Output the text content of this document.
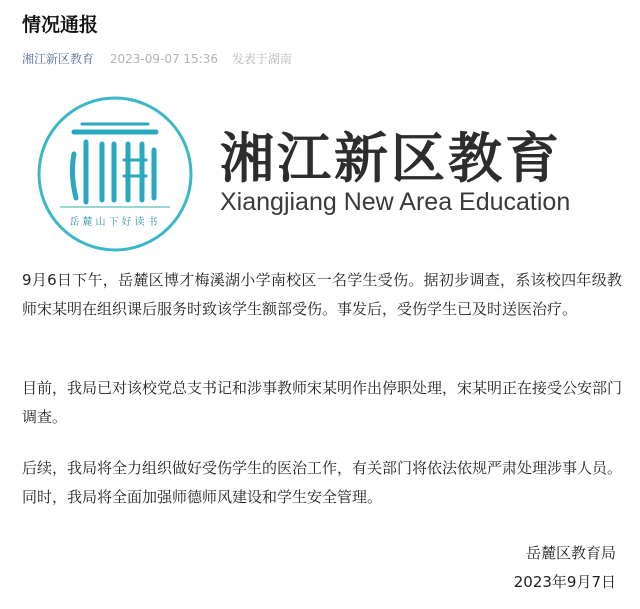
情况通报
湘江新区教育 2023-09-07 15:36 发表于湖南
岳麓山下好读书
湘江新区教育
Xiangjiang New Area Education

9月6日下午，岳麓区博才梅溪湖小学南校区一名学生受伤。据初步调查，系该校四年级教师宋某明在组织课后服务时致该学生额部受伤。事发后，受伤学生已及时送医治疗。

目前，我局已对该校党总支书记和涉事教师宋某明作出停职处理，宋某明正在接受公安部门调查。

后续，我局将全力组织做好受伤学生的医治工作，有关部门将依法依规严肃处理涉事人员。同时，我局将全面加强师德师风建设和学生安全管理。

岳麓区教育局
2023年9月7日
